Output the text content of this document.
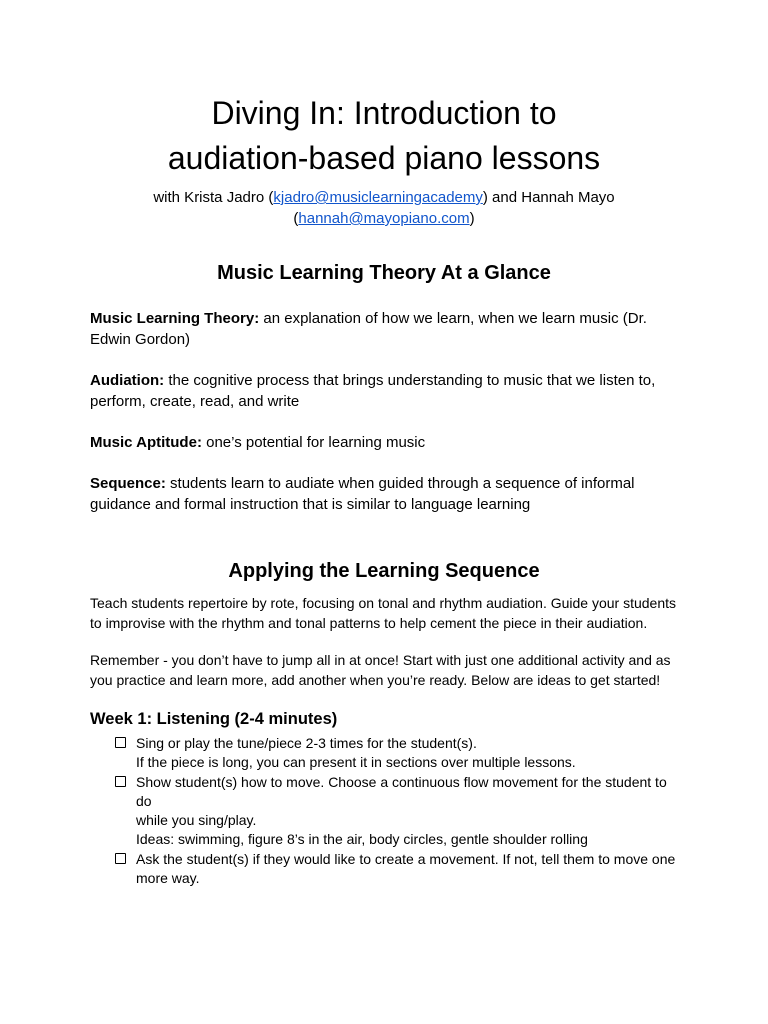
Diving In: Introduction to
audiation-based piano lessons
with Krista Jadro (kjadro@musiclearningacademy) and Hannah Mayo
(hannah@mayopiano.com)
Music Learning Theory At a Glance

Music Learning Theory: an explanation of how we learn, when we learn music (Dr.
Edwin Gordon)

Audiation: the cognitive process that brings understanding to music that we listen to,
perform, create, read, and write

Music Aptitude: one’s potential for learning music

Sequence: students learn to audiate when guided through a sequence of informal
guidance and formal instruction that is similar to language learning

Applying the Learning Sequence

Teach students repertoire by rote, focusing on tonal and rhythm audiation. Guide your students
to improvise with the rhythm and tonal patterns to help cement the piece in their audiation.

Remember - you don’t have to jump all in at once! Start with just one additional activity and as
you practice and learn more, add another when you’re ready. Below are ideas to get started!

Week 1: Listening (2-4 minutes)
Sing or play the tune/piece 2-3 times for the student(s).
If the piece is long, you can present it in sections over multiple lessons.
Show student(s) how to move. Choose a continuous flow movement for the student to do
while you sing/play.
Ideas: swimming, figure 8’s in the air, body circles, gentle shoulder rolling
Ask the student(s) if they would like to create a movement. If not, tell them to move one
more way.
